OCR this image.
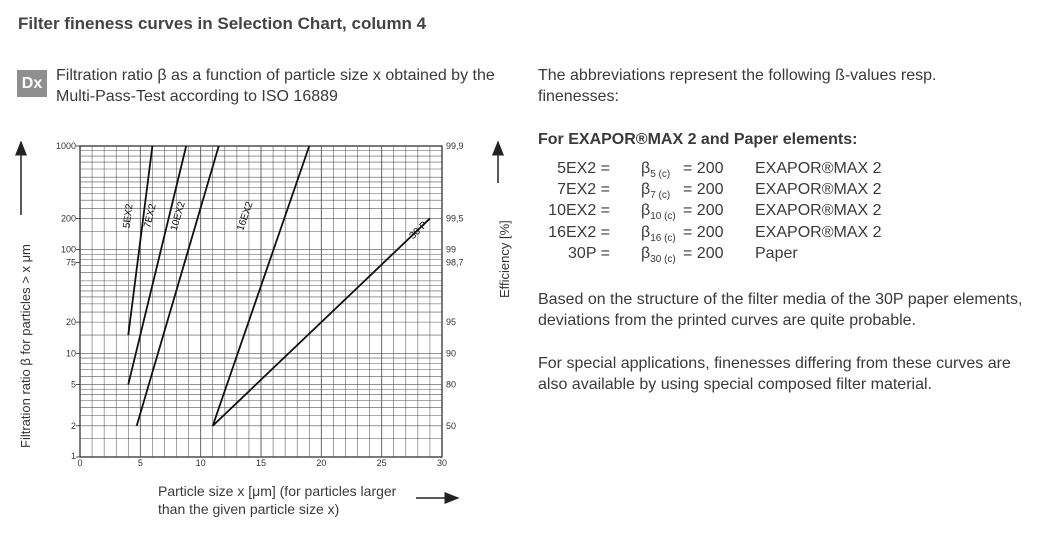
Filter fineness curves in Selection Chart, column 4
Dx Filtration ratio β as a function of particle size x obtained by the Multi-Pass-Test according to ISO 16889
The abbreviations represent the following ß-values resp. finenesses:
For EXAPOR®MAX 2 and Paper elements:
$5EX2 = \beta_{5 (c)} = 200$ EXAPOR®MAX 2
$7EX2 = \beta_{7 (c)} = 200$ EXAPOR®MAX 2
$10EX2 = \beta_{10 (c)} = 200$ EXAPOR®MAX 2
$16EX2 = \beta_{16 (c)} = 200$ EXAPOR®MAX 2
$30P = \beta_{30 (c)} = 200$ Paper
Based on the structure of the filter media of the 30P paper elements, deviations from the printed curves are quite probable.
For special applications, finenesses differing from these curves are also available by using special composed filter material.
0	5	10	15	20	25	30
1
2
5
10
20
75
100
200
1000
50
80
90
95
98,7
99
99,5
99,9
5EX2 7EX2 10EX2	16EX2	30 P
Filtration ratio β for particles > x μm	Efficiency [%]
Particle size x [μm] (for particles larger than the given particle size x)
